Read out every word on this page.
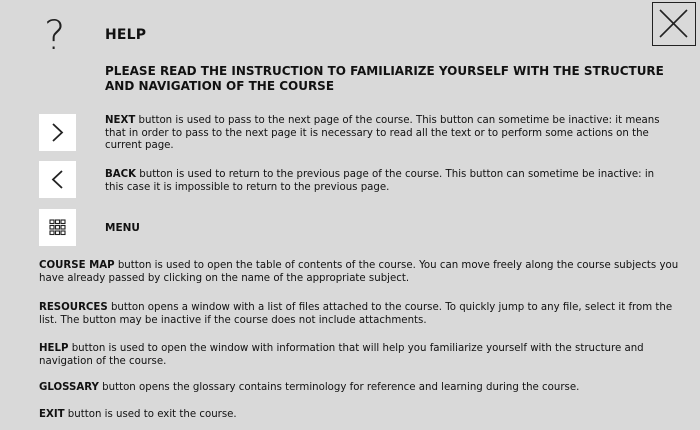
?	HELP
PLEASE READ THE INSTRUCTION TO FAMILIARIZE YOURSELF WITH THE STRUCTURE AND NAVIGATION OF THE COURSE
NEXT button is used to pass to the next page of the course. This button can sometime be inactive: it means that in order to pass to the next page it is necessary to read all the text or to perform some actions on the current page.
BACK button is used to return to the previous page of the course. This button can sometime be inactive: in this case it is impossible to return to the previous page.
MENU
COURSE MAP button is used to open the table of contents of the course. You can move freely along the course subjects you have already passed by clicking on the name of the appropriate subject.
RESOURCES button opens a window with a list of files attached to the course. To quickly jump to any file, select it from the list. The button may be inactive if the course does not include attachments.
HELP button is used to open the window with information that will help you familiarize yourself with the structure and navigation of the course.
GLOSSARY button opens the glossary contains terminology for reference and learning during the course.
EXIT button is used to exit the course.
